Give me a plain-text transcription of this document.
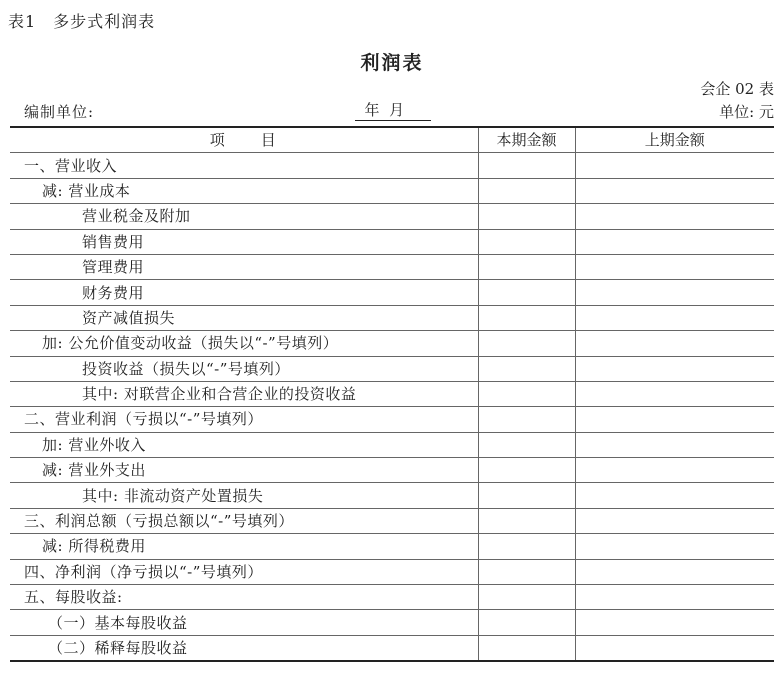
表1　多步式利润表
利润表
会企 02 表
编制单位:	年  月	单位: 元
项　　目	本期金额	上期金额
一、营业收入		
减: 营业成本		
营业税金及附加		
销售费用		
管理费用		
财务费用		
资产减值损失		
加: 公允价值变动收益（损失以“-”号填列）		
投资收益（损失以“-”号填列）		
其中: 对联营企业和合营企业的投资收益		
二、营业利润（亏损以“-”号填列）		
加: 营业外收入		
减: 营业外支出		
其中: 非流动资产处置损失		
三、利润总额（亏损总额以“-”号填列）		
减: 所得税费用		
四、净利润（净亏损以“-”号填列）		
五、每股收益:		
（一）基本每股收益		
（二）稀释每股收益		
